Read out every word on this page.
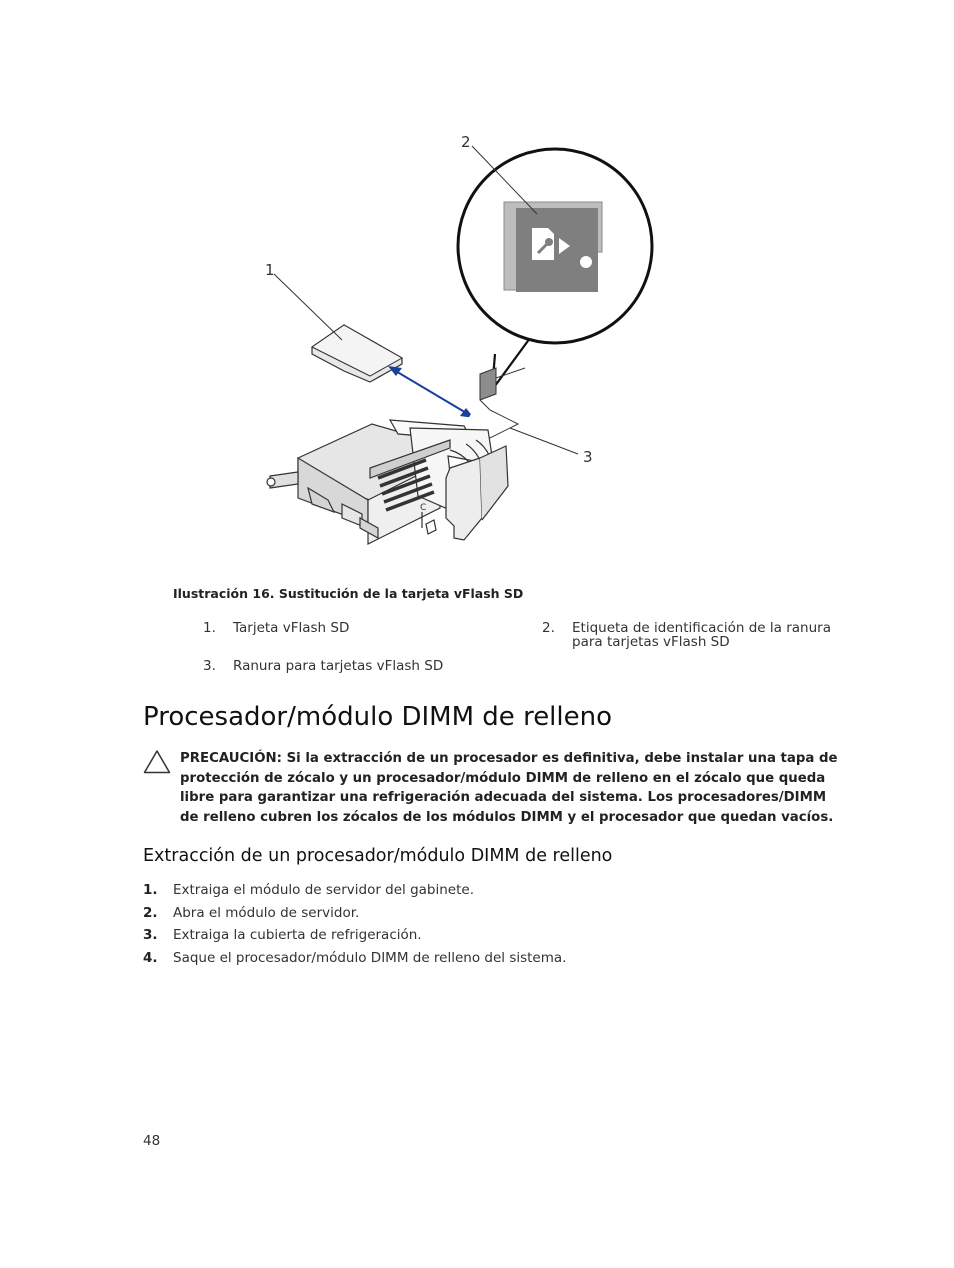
2
1
3
C
Ilustración 16. Sustitución de la tarjeta vFlash SD
1.	Tarjeta vFlash SD	2.	Etiqueta de identificación de la ranura para tarjetas vFlash SD
3.	Ranura para tarjetas vFlash SD
Procesador/módulo DIMM de relleno
PRECAUCIÓN: Si la extracción de un procesador es definitiva, debe instalar una tapa de protección de zócalo y un procesador/módulo DIMM de relleno en el zócalo que queda libre para garantizar una refrigeración adecuada del sistema. Los procesadores/DIMM de relleno cubren los zócalos de los módulos DIMM y el procesador que quedan vacíos.
Extracción de un procesador/módulo DIMM de relleno
1.	Extraiga el módulo de servidor del gabinete.
2.	Abra el módulo de servidor.
3.	Extraiga la cubierta de refrigeración.
4.	Saque el procesador/módulo DIMM de relleno del sistema.
48
